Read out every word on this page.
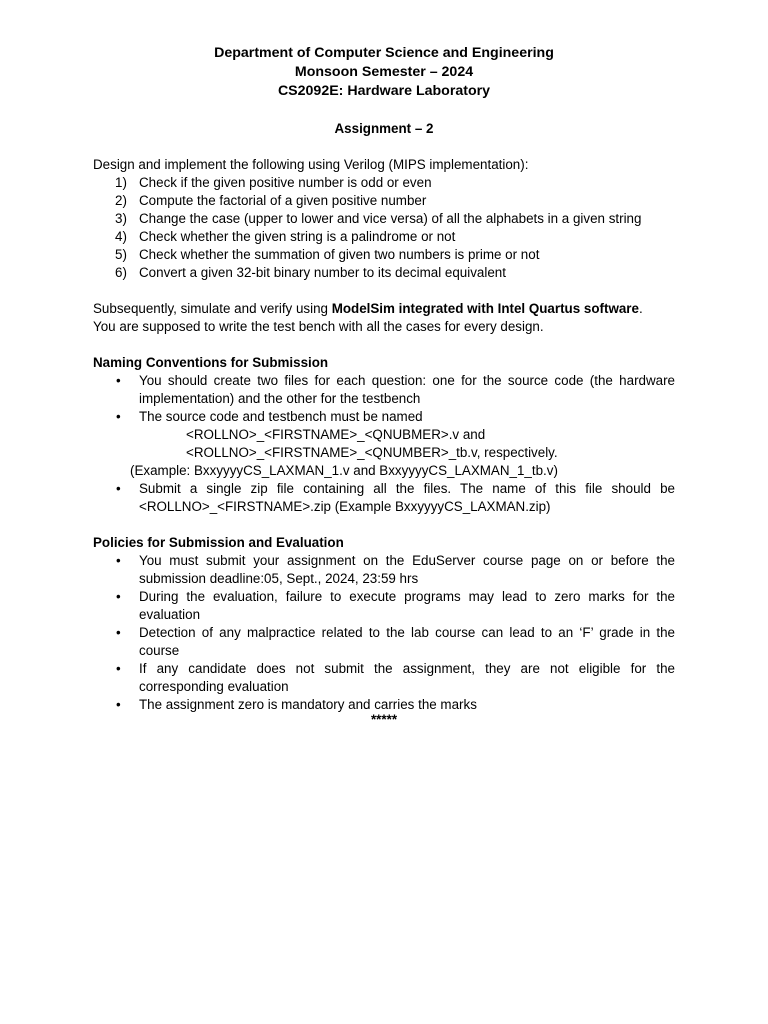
Department of Computer Science and Engineering
Monsoon Semester – 2024
CS2092E: Hardware Laboratory
Assignment – 2

Design and implement the following using Verilog (MIPS implementation):

1) Check if the given positive number is odd or even
2) Compute the factorial of a given positive number
3) Change the case (upper to lower and vice versa) of all the alphabets in a given string
4) Check whether the given string is a palindrome or not
5) Check whether the summation of given two numbers is prime or not
6) Convert a given 32-bit binary number to its decimal equivalent

Subsequently, simulate and verify using ModelSim integrated with Intel Quartus software.

You are supposed to write the test bench with all the cases for every design.

Naming Conventions for Submission

• You should create two files for each question: one for the source code (the hardware implementation) and the other for the testbench
• The source code and testbench must be named
<ROLLNO>_<FIRSTNAME>_<QNUBMER>.v and
<ROLLNO>_<FIRSTNAME>_<QNUMBER>_tb.v, respectively.
(Example: BxxyyyyCS_LAXMAN_1.v and BxxyyyyCS_LAXMAN_1_tb.v)
• Submit a single zip file containing all the files. The name of this file should be <ROLLNO>_<FIRSTNAME>.zip (Example BxxyyyyCS_LAXMAN.zip)

Policies for Submission and Evaluation

• You must submit your assignment on the EduServer course page on or before the submission deadline:05, Sept., 2024, 23:59 hrs
• During the evaluation, failure to execute programs may lead to zero marks for the evaluation
• Detection of any malpractice related to the lab course can lead to an ‘F’ grade in the course
• If any candidate does not submit the assignment, they are not eligible for the corresponding evaluation
• The assignment zero is mandatory and carries the marks
*****
